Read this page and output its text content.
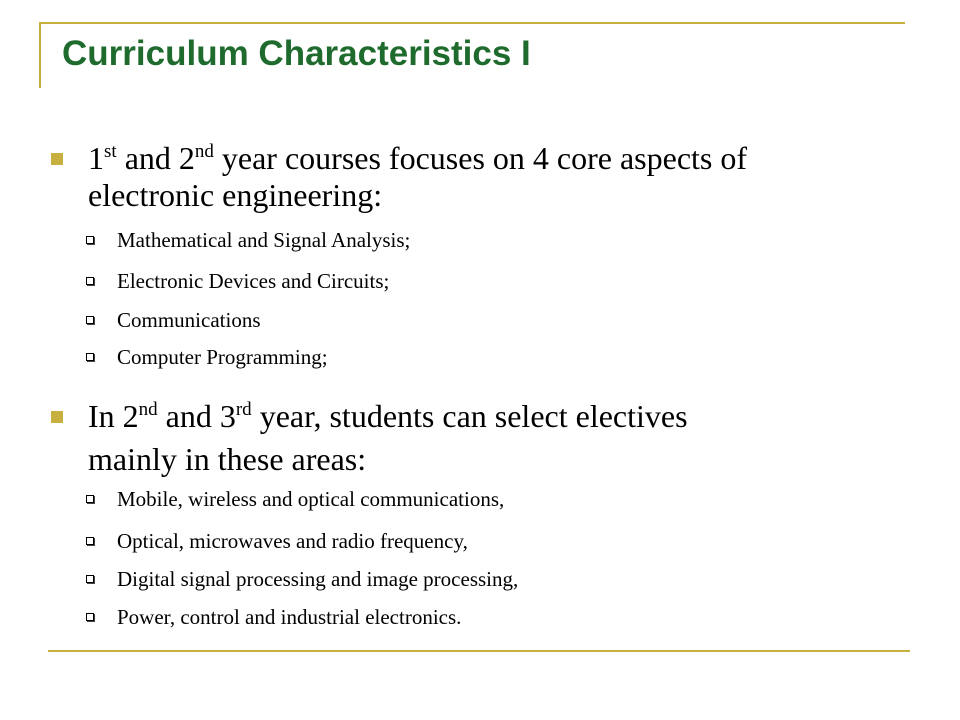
Curriculum Characteristics I
1st and 2nd year courses focuses on 4 core aspects of
electronic engineering:
Mathematical and Signal Analysis;
Electronic Devices and Circuits;
Communications
Computer Programming;
In 2nd and 3rd year, students can select electives
mainly in these areas:
Mobile, wireless and optical communications,
Optical, microwaves and radio frequency,
Digital signal processing and image processing,
Power, control and industrial electronics.
